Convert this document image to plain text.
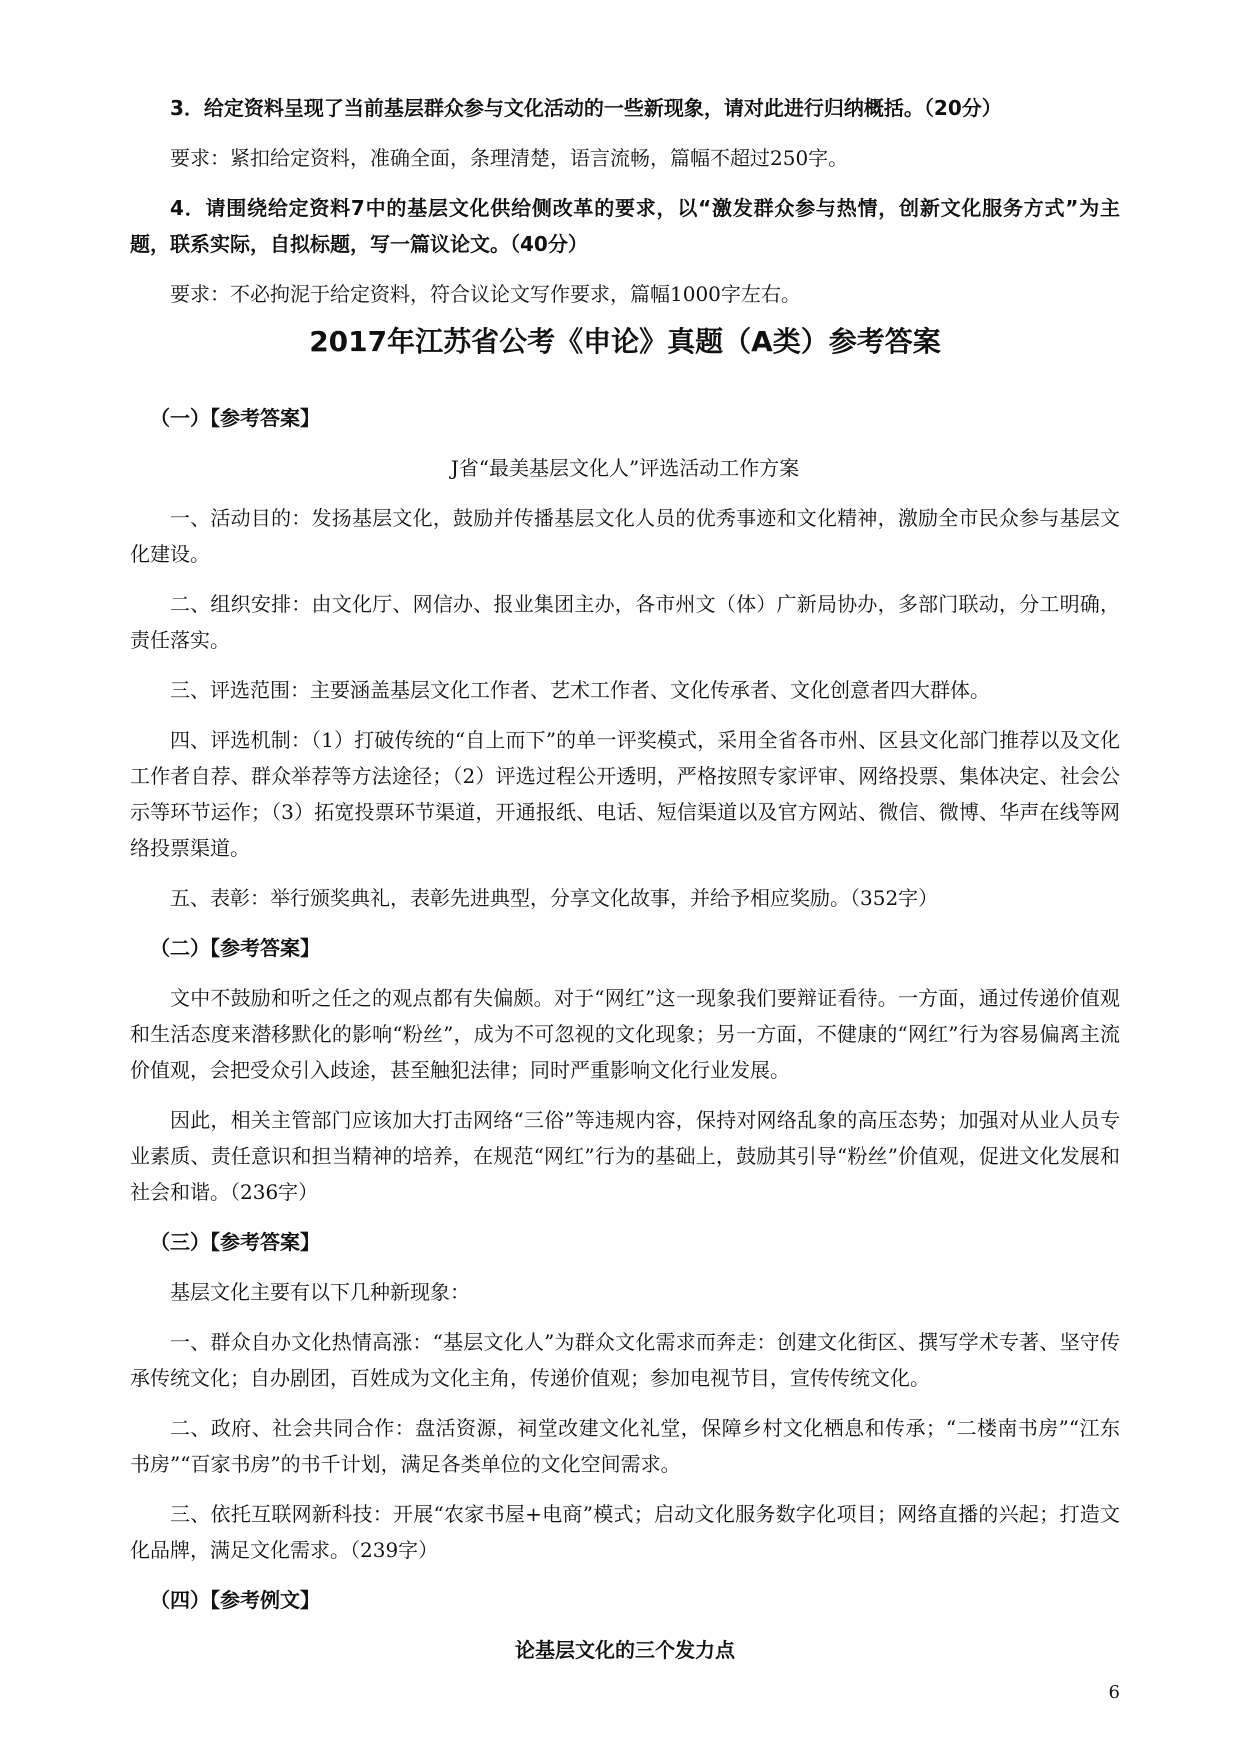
3．给定资料呈现了当前基层群众参与文化活动的一些新现象，请对此进行归纳概括。（20分）

要求：紧扣给定资料，准确全面，条理清楚，语言流畅，篇幅不超过250字。

4．请围绕给定资料7中的基层文化供给侧改革的要求，以“激发群众参与热情，创新文化服务方式”为主题，联系实际，自拟标题，写一篇议论文。（40分）

要求：不必拘泥于给定资料，符合议论文写作要求，篇幅1000字左右。

2017年江苏省公考《申论》真题（A类）参考答案

（一）【参考答案】

J省“最美基层文化人”评选活动工作方案

一、活动目的：发扬基层文化，鼓励并传播基层文化人员的优秀事迹和文化精神，激励全市民众参与基层文化建设。

二、组织安排：由文化厅、网信办、报业集团主办，各市州文（体）广新局协办，多部门联动，分工明确，责任落实。

三、评选范围：主要涵盖基层文化工作者、艺术工作者、文化传承者、文化创意者四大群体。

四、评选机制：（1）打破传统的“自上而下”的单一评奖模式，采用全省各市州、区县文化部门推荐以及文化工作者自荐、群众举荐等方法途径；（2）评选过程公开透明，严格按照专家评审、网络投票、集体决定、社会公示等环节运作；（3）拓宽投票环节渠道，开通报纸、电话、短信渠道以及官方网站、微信、微博、华声在线等网络投票渠道。

五、表彰：举行颁奖典礼，表彰先进典型，分享文化故事，并给予相应奖励。（352字）

（二）【参考答案】

文中不鼓励和听之任之的观点都有失偏颇。对于“网红”这一现象我们要辩证看待。一方面，通过传递价值观和生活态度来潜移默化的影响“粉丝”，成为不可忽视的文化现象；另一方面，不健康的“网红”行为容易偏离主流价值观，会把受众引入歧途，甚至触犯法律；同时严重影响文化行业发展。

因此，相关主管部门应该加大打击网络“三俗”等违规内容，保持对网络乱象的高压态势；加强对从业人员专业素质、责任意识和担当精神的培养，在规范“网红”行为的基础上，鼓励其引导“粉丝”价值观，促进文化发展和社会和谐。（236字）

（三）【参考答案】

基层文化主要有以下几种新现象：

一、群众自办文化热情高涨：“基层文化人”为群众文化需求而奔走：创建文化街区、撰写学术专著、坚守传承传统文化；自办剧团，百姓成为文化主角，传递价值观；参加电视节目，宣传传统文化。

二、政府、社会共同合作：盘活资源，祠堂改建文化礼堂，保障乡村文化栖息和传承；“二楼南书房”“江东书房”“百家书房”的书千计划，满足各类单位的文化空间需求。

三、依托互联网新科技：开展“农家书屋+电商”模式；启动文化服务数字化项目；网络直播的兴起；打造文化品牌，满足文化需求。（239字）

（四）【参考例文】

论基层文化的三个发力点

6
